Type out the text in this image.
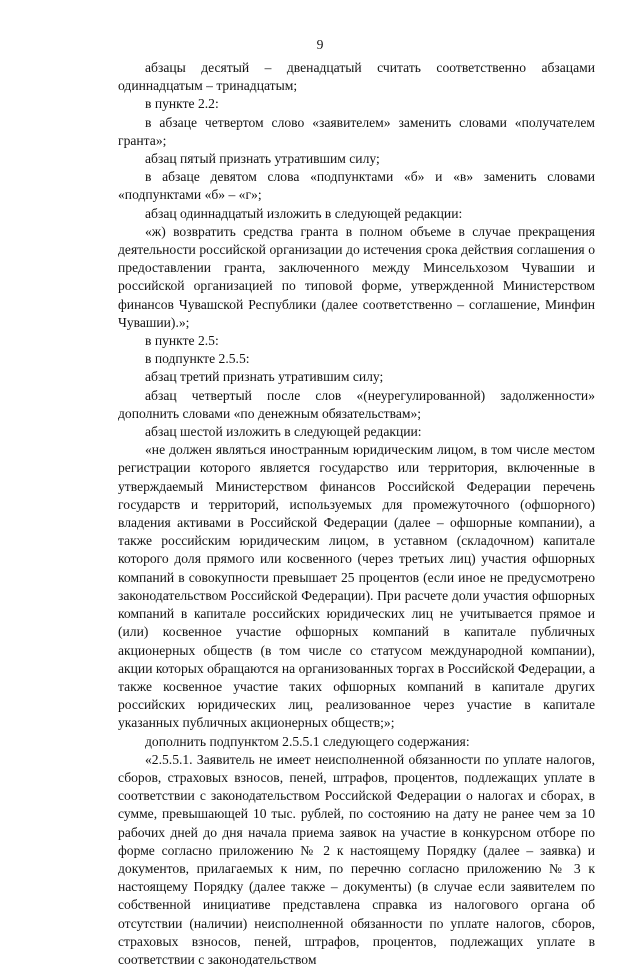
9

абзацы десятый – двенадцатый считать соответственно абзацами одиннадцатым – тринадцатым;

в пункте 2.2:

в абзаце четвертом слово «заявителем» заменить словами «получателем гранта»;

абзац пятый признать утратившим силу;

в абзаце девятом слова «подпунктами «б» и «в» заменить словами «подпунктами «б» – «г»;

абзац одиннадцатый изложить в следующей редакции:

«ж) возвратить средства гранта в полном объеме в случае прекращения деятельности российской организации до истечения срока действия соглашения о предоставлении гранта, заключенного между Минсельхозом Чувашии и российской организацией по типовой форме, утвержденной Министерством финансов Чувашской Республики (далее соответственно – соглашение, Минфин Чувашии).»;

в пункте 2.5:

в подпункте 2.5.5:

абзац третий признать утратившим силу;

абзац четвертый после слов «(неурегулированной) задолженности» дополнить словами «по денежным обязательствам»;

абзац шестой изложить в следующей редакции:

«не должен являться иностранным юридическим лицом, в том числе местом регистрации которого является государство или территория, включенные в утверждаемый Министерством финансов Российской Федерации перечень государств и территорий, используемых для промежуточного (офшорного) владения активами в Российской Федерации (далее – офшорные компании), а также российским юридическим лицом, в уставном (складочном) капитале которого доля прямого или косвенного (через третьих лиц) участия офшорных компаний в совокупности превышает 25 процентов (если иное не предусмотрено законодательством Российской Федерации). При расчете доли участия офшорных компаний в капитале российских юридических лиц не учитывается прямое и (или) косвенное участие офшорных компаний в капитале публичных акционерных обществ (в том числе со статусом международной компании), акции которых обращаются на организованных торгах в Российской Федерации, а также косвенное участие таких офшорных компаний в капитале других российских юридических лиц, реализованное через участие в капитале указанных публичных акционерных обществ;»;

дополнить подпунктом 2.5.5.1 следующего содержания:

«2.5.5.1. Заявитель не имеет неисполненной обязанности по уплате налогов, сборов, страховых взносов, пеней, штрафов, процентов, подлежащих уплате в соответствии с законодательством Российской Федерации о налогах и сборах, в сумме, превышающей 10 тыс. рублей, по состоянию на дату не ранее чем за 10 рабочих дней до дня начала приема заявок на участие в конкурсном отборе по форме согласно приложению № 2 к настоящему Порядку (далее – заявка) и документов, прилагаемых к ним, по перечню согласно приложению № 3 к настоящему Порядку (далее также – документы) (в случае если заявителем по собственной инициативе представлена справка из налогового органа об отсутствии (наличии) неисполненной обязанности по уплате налогов, сборов, страховых взносов, пеней, штрафов, процентов, подлежащих уплате в соответствии с законодательством
